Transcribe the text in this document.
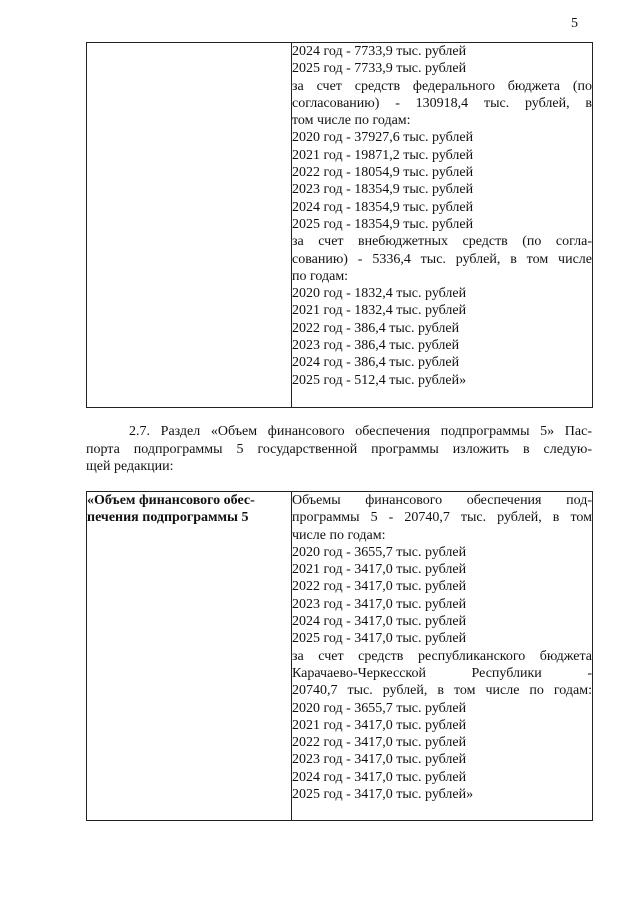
5

2024 год - 7733,9 тыс. рублей
2025 год - 7733,9 тыс. рублей
за счет средств федерального бюджета (по
согласованию) - 130918,4 тыс. рублей, в
том числе по годам:
2020 год - 37927,6 тыс. рублей
2021 год - 19871,2 тыс. рублей
2022 год - 18054,9 тыс. рублей
2023 год - 18354,9 тыс. рублей
2024 год - 18354,9 тыс. рублей
2025 год - 18354,9 тыс. рублей
за счет внебюджетных средств (по согла-
сованию) - 5336,4 тыс. рублей, в том числе
по годам:
2020 год - 1832,4 тыс. рублей
2021 год - 1832,4 тыс. рублей
2022 год - 386,4 тыс. рублей
2023 год - 386,4 тыс. рублей
2024 год - 386,4 тыс. рублей
2025 год - 512,4 тыс. рублей»
2.7. Раздел «Объем финансового обеспечения подпрограммы 5» Пас-
порта подпрограммы 5 государственной программы изложить в следую-
щей редакции:
«Объем финансового обес-
печения подпрограммы 5

Объемы финансового обеспечения под-
программы 5 - 20740,7 тыс. рублей, в том
числе по годам:
2020 год - 3655,7 тыс. рублей
2021 год - 3417,0 тыс. рублей
2022 год - 3417,0 тыс. рублей
2023 год - 3417,0 тыс. рублей
2024 год - 3417,0 тыс. рублей
2025 год - 3417,0 тыс. рублей
за счет средств республиканского бюджета
Карачаево-Черкесской Республики -
20740,7 тыс. рублей, в том числе по годам:
2020 год - 3655,7 тыс. рублей
2021 год - 3417,0 тыс. рублей
2022 год - 3417,0 тыс. рублей
2023 год - 3417,0 тыс. рублей
2024 год - 3417,0 тыс. рублей
2025 год - 3417,0 тыс. рублей»
